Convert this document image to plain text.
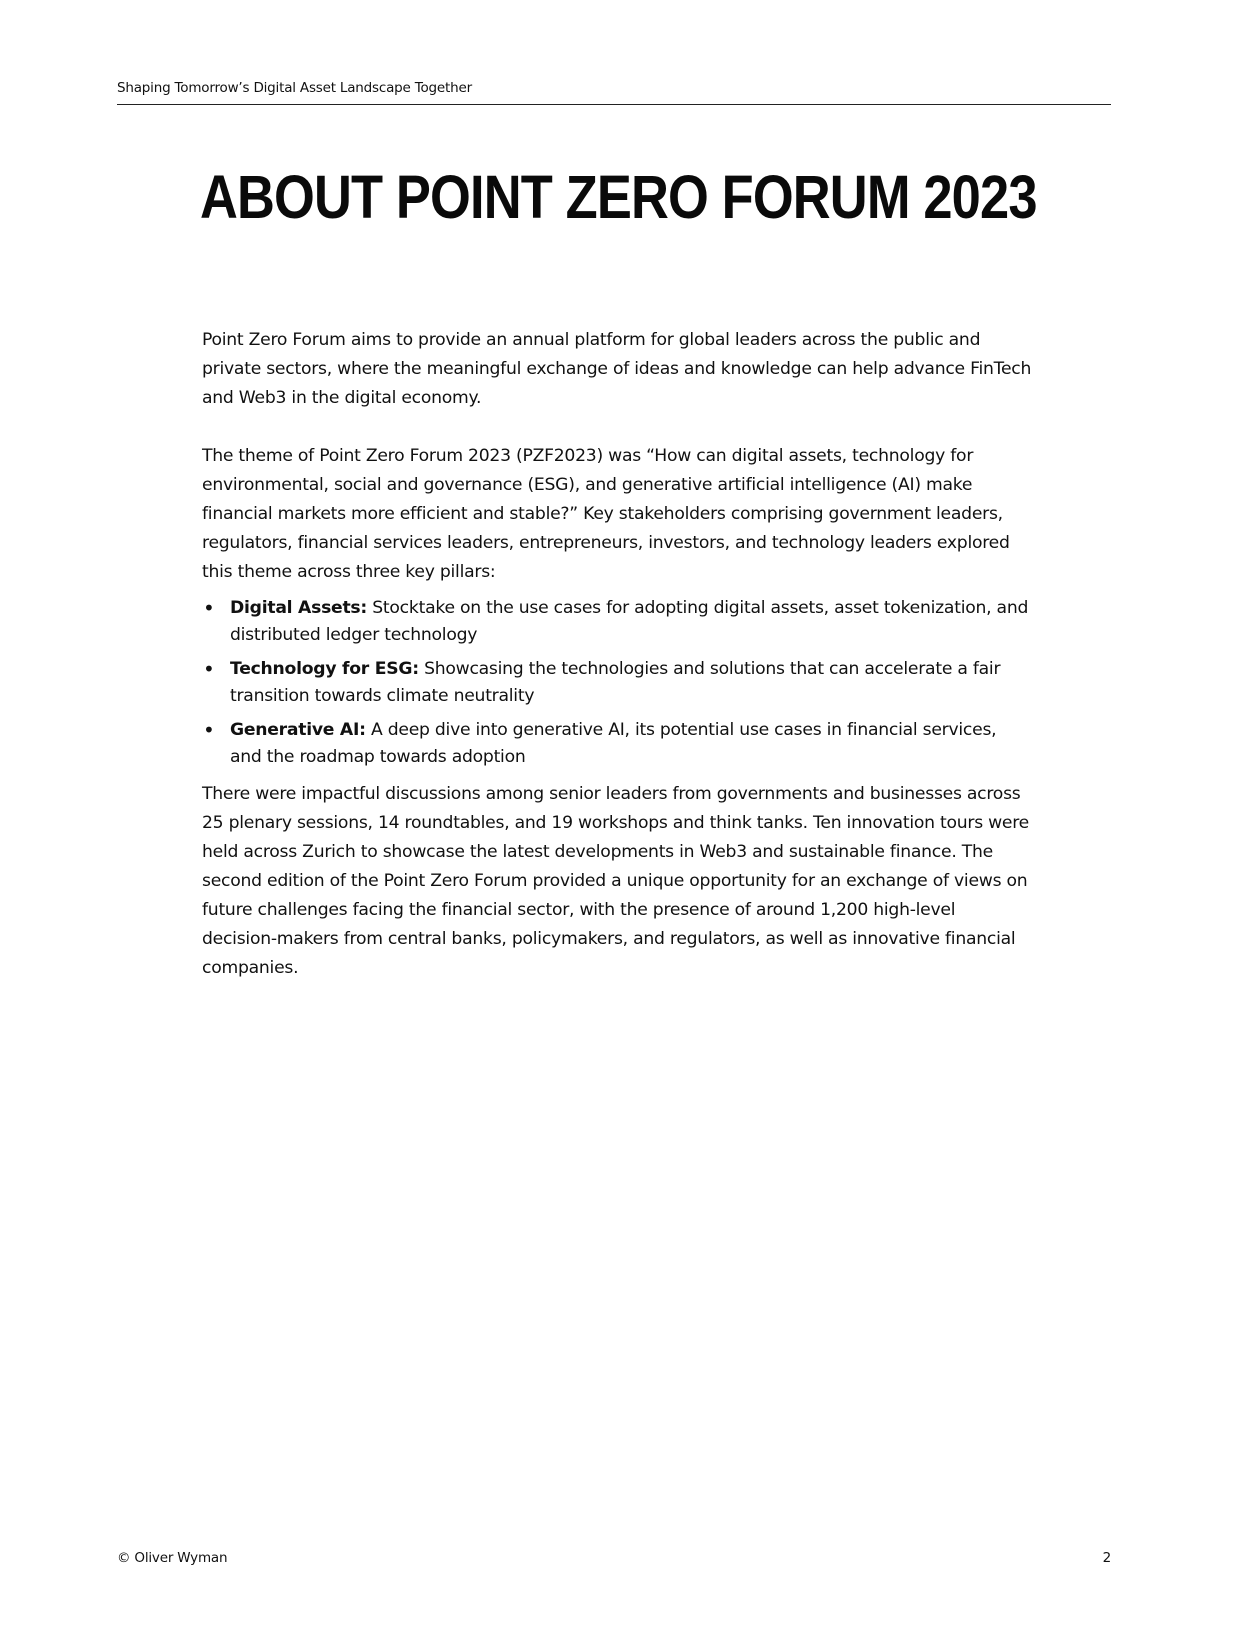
Shaping Tomorrow’s Digital Asset Landscape Together
ABOUT POINT ZERO FORUM 2023

Point Zero Forum aims to provide an annual platform for global leaders across the public and private sectors, where the meaningful exchange of ideas and knowledge can help advance FinTech and Web3 in the digital economy.

The theme of Point Zero Forum 2023 (PZF2023) was “How can digital assets, technology for environmental, social and governance (ESG), and generative artificial intelligence (AI) make financial markets more efficient and stable?” Key stakeholders comprising government leaders, regulators, financial services leaders, entrepreneurs, investors, and technology leaders explored this theme across three key pillars:

• Digital Assets: Stocktake on the use cases for adopting digital assets, asset tokenization, and distributed ledger technology
• Technology for ESG: Showcasing the technologies and solutions that can accelerate a fair transition towards climate neutrality
• Generative AI: A deep dive into generative AI, its potential use cases in financial services, and the roadmap towards adoption

There were impactful discussions among senior leaders from governments and businesses across 25 plenary sessions, 14 roundtables, and 19 workshops and think tanks. Ten innovation tours were held across Zurich to showcase the latest developments in Web3 and sustainable finance. The second edition of the Point Zero Forum provided a unique opportunity for an exchange of views on future challenges facing the financial sector, with the presence of around 1,200 high-level decision-makers from central banks, policymakers, and regulators, as well as innovative financial companies.

© Oliver Wyman	2
